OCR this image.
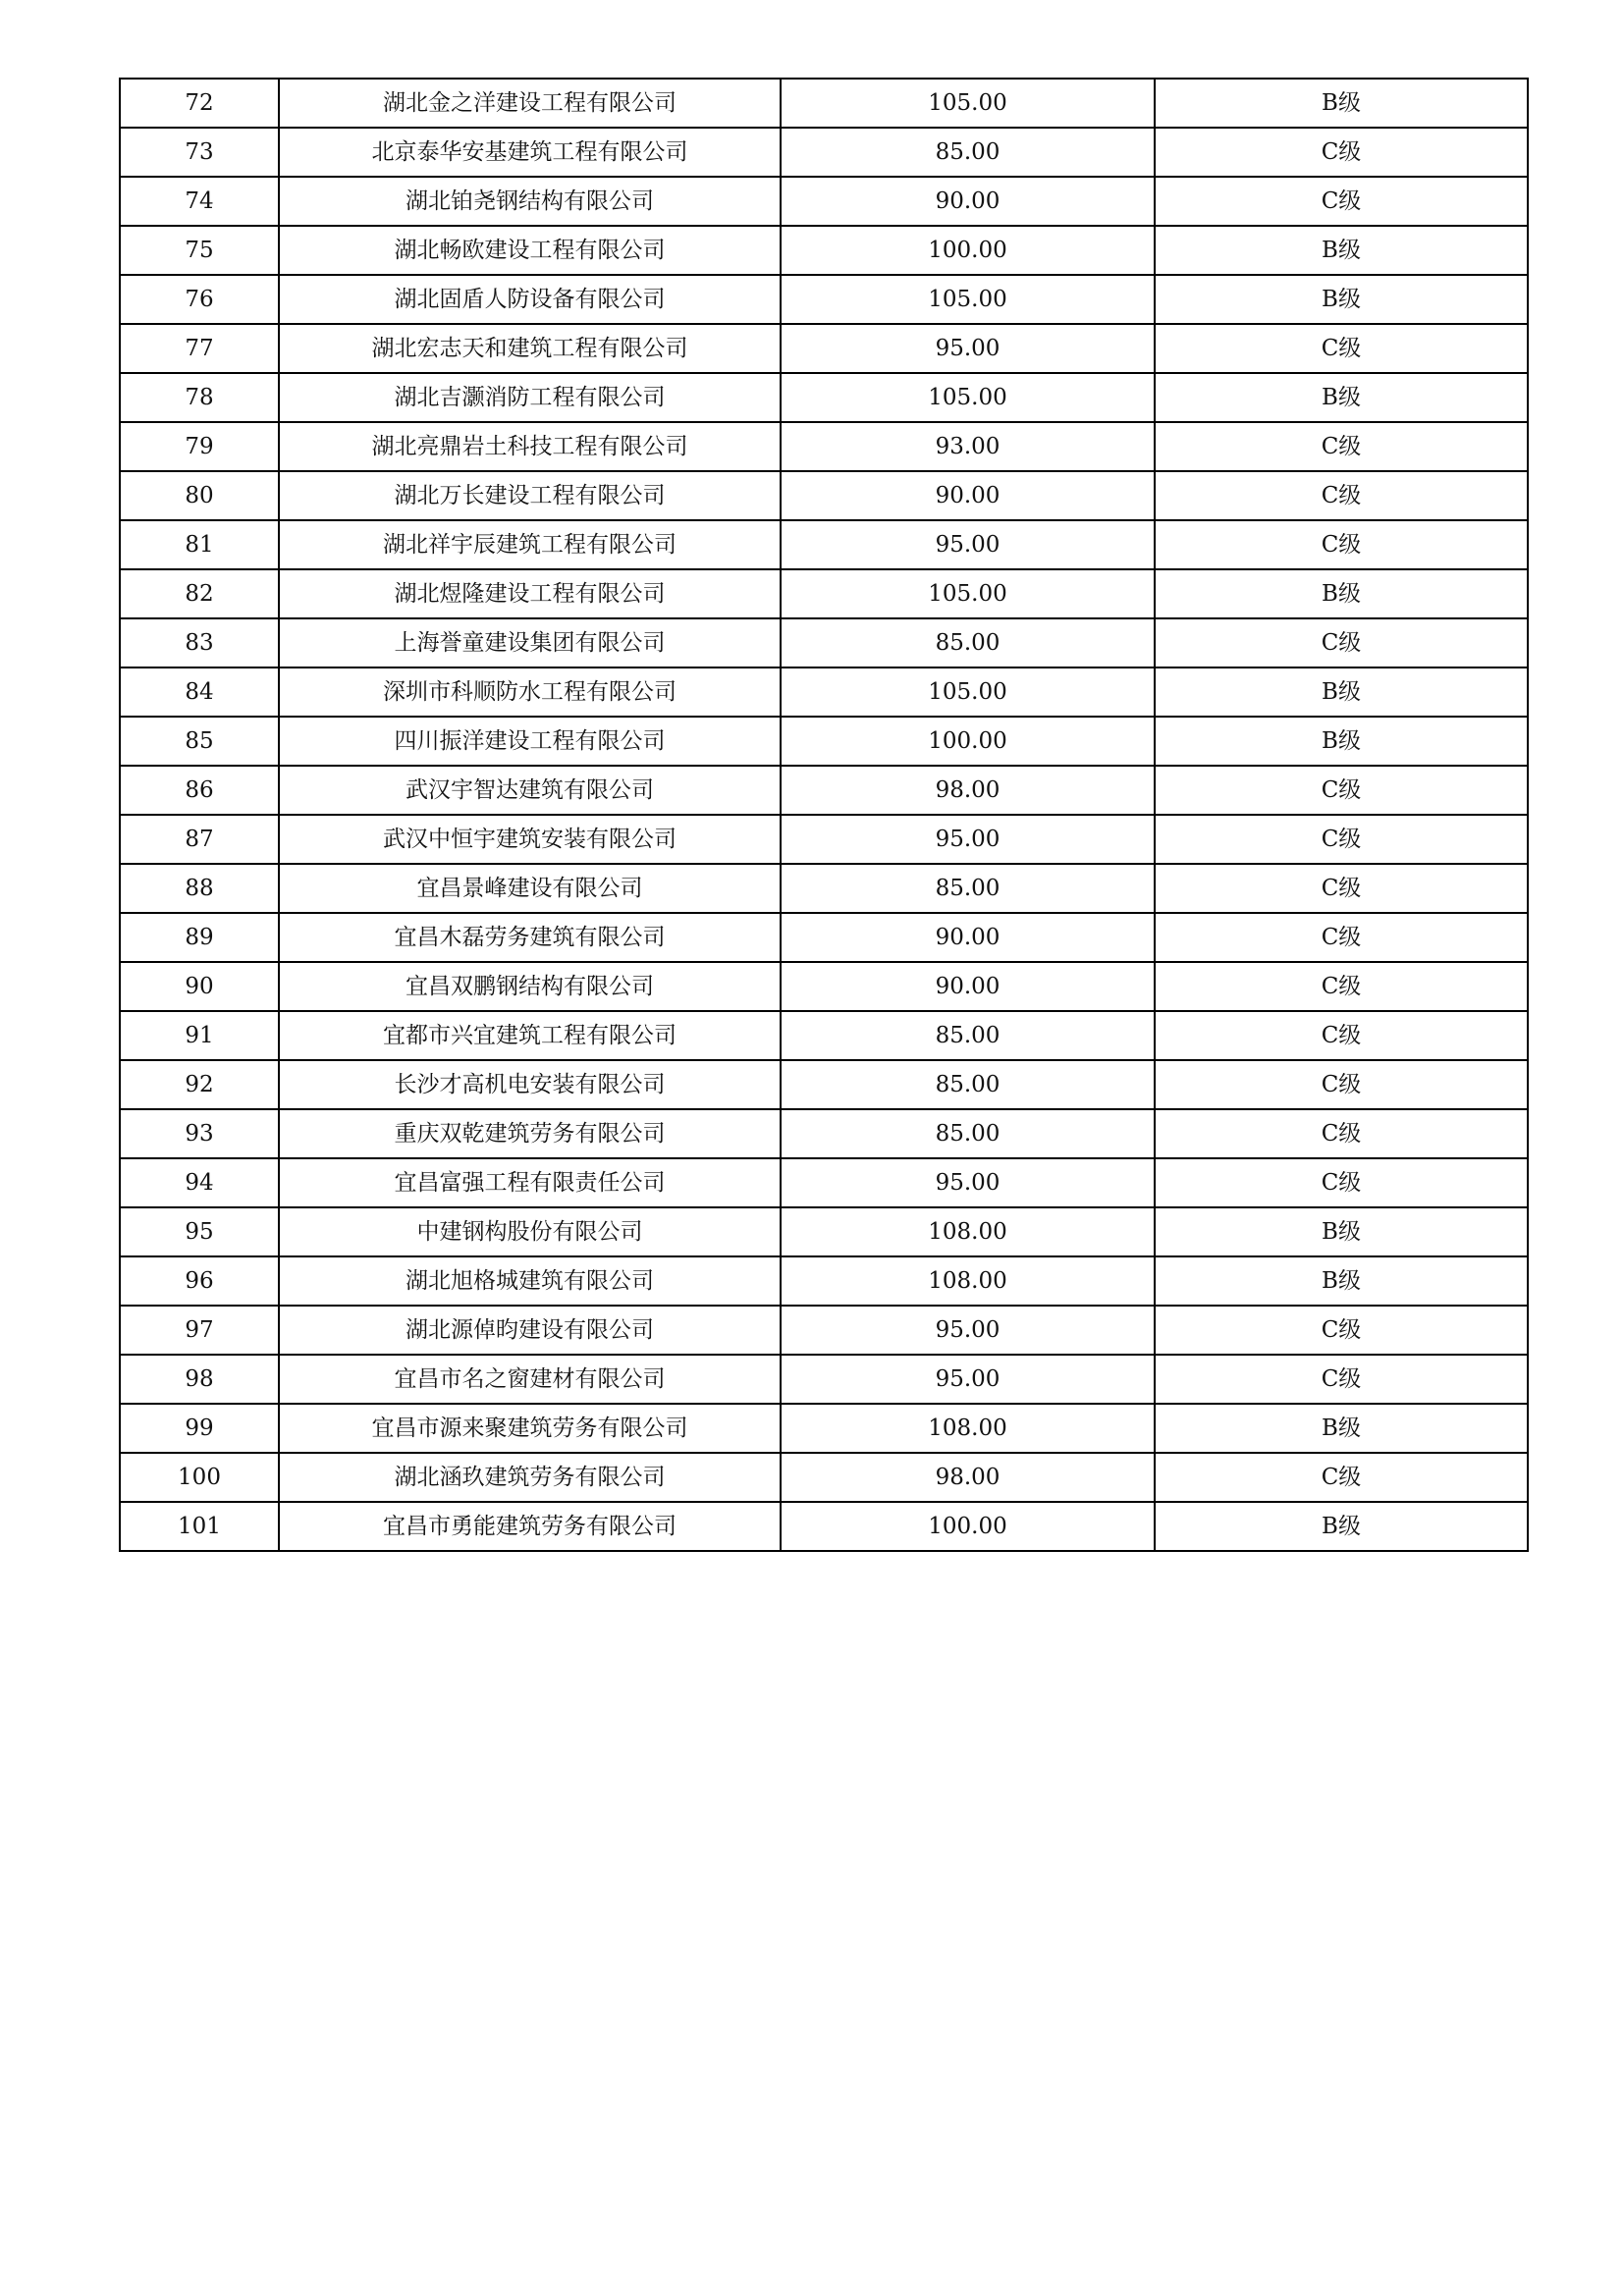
72	湖北金之洋建设工程有限公司	105.00	B级
73	北京泰华安基建筑工程有限公司	85.00	C级
74	湖北铂尧钢结构有限公司	90.00	C级
75	湖北畅欧建设工程有限公司	100.00	B级
76	湖北固盾人防设备有限公司	105.00	B级
77	湖北宏志天和建筑工程有限公司	95.00	C级
78	湖北吉灏消防工程有限公司	105.00	B级
79	湖北亮鼎岩土科技工程有限公司	93.00	C级
80	湖北万长建设工程有限公司	90.00	C级
81	湖北祥宇辰建筑工程有限公司	95.00	C级
82	湖北煜隆建设工程有限公司	105.00	B级
83	上海誉童建设集团有限公司	85.00	C级
84	深圳市科顺防水工程有限公司	105.00	B级
85	四川振洋建设工程有限公司	100.00	B级
86	武汉宇智达建筑有限公司	98.00	C级
87	武汉中恒宇建筑安装有限公司	95.00	C级
88	宜昌景峰建设有限公司	85.00	C级
89	宜昌木磊劳务建筑有限公司	90.00	C级
90	宜昌双鹏钢结构有限公司	90.00	C级
91	宜都市兴宜建筑工程有限公司	85.00	C级
92	长沙才高机电安装有限公司	85.00	C级
93	重庆双乾建筑劳务有限公司	85.00	C级
94	宜昌富强工程有限责任公司	95.00	C级
95	中建钢构股份有限公司	108.00	B级
96	湖北旭格城建筑有限公司	108.00	B级
97	湖北源倬昀建设有限公司	95.00	C级
98	宜昌市名之窗建材有限公司	95.00	C级
99	宜昌市源来聚建筑劳务有限公司	108.00	B级
100	湖北涵玖建筑劳务有限公司	98.00	C级
101	宜昌市勇能建筑劳务有限公司	100.00	B级
